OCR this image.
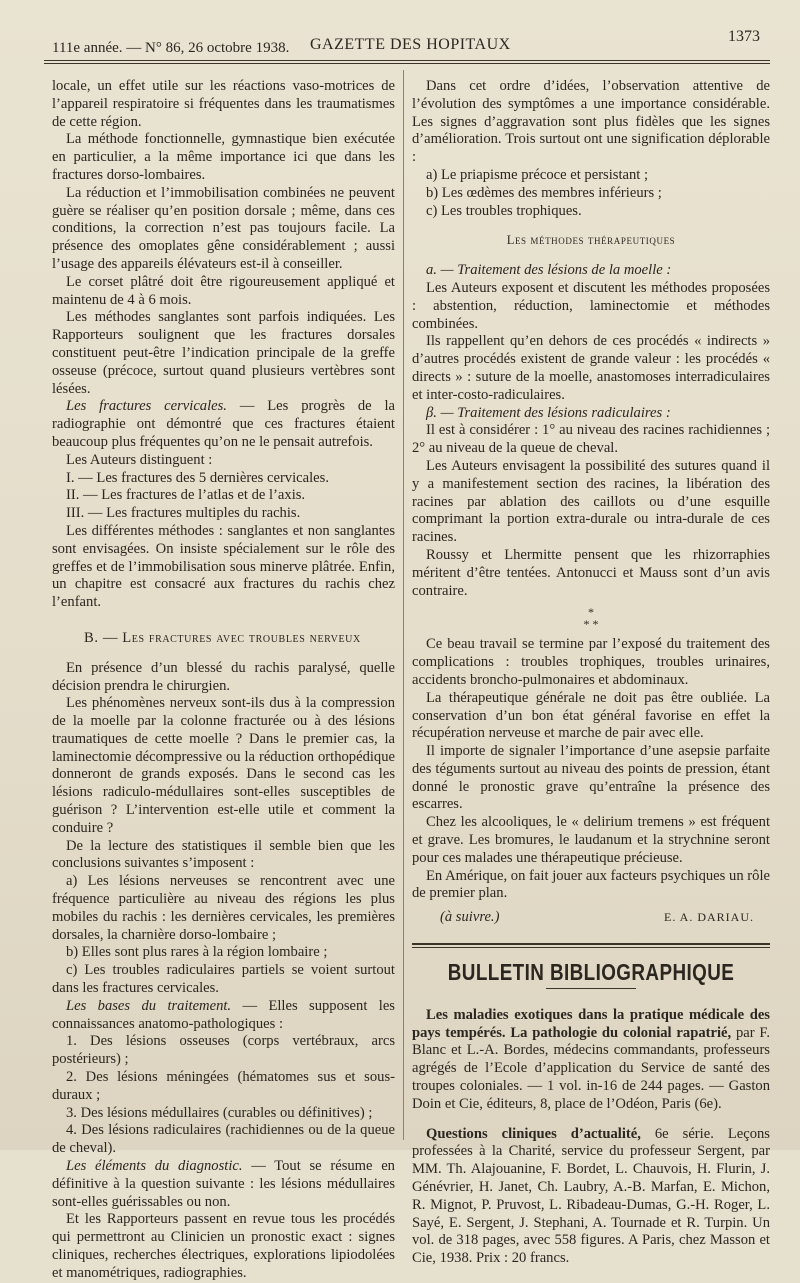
111e année. — N° 86, 26 octobre 1938. GAZETTE DES HOPITAUX	1373

locale, un effet utile sur les réactions vaso-motrices de l’appareil respiratoire si fréquentes dans les traumatismes de cette région.

La méthode fonctionnelle, gymnastique bien exécutée en particulier, a la même importance ici que dans les fractures dorso-lombaires.

La réduction et l’immobilisation combinées ne peuvent guère se réaliser qu’en position dorsale ; même, dans ces conditions, la correction n’est pas toujours facile. La présence des omoplates gêne considérablement ; aussi l’usage des appareils élévateurs est-il à conseiller.

Le corset plâtré doit être rigoureusement appliqué et maintenu de 4 à 6 mois.

Les méthodes sanglantes sont parfois indiquées. Les Rapporteurs soulignent que les fractures dorsales constituent peut-être l’indication principale de la greffe osseuse (précoce, surtout quand plusieurs vertèbres sont lésées.

Les fractures cervicales. — Les progrès de la radiographie ont démontré que ces fractures étaient beaucoup plus fréquentes qu’on ne le pensait autrefois.

Les Auteurs distinguent :

I. — Les fractures des 5 dernières cervicales.

II. — Les fractures de l’atlas et de l’axis.

III. — Les fractures multiples du rachis.

Les différentes méthodes : sanglantes et non sanglantes sont envisagées. On insiste spécialement sur le rôle des greffes et de l’immobilisation sous minerve plâtrée. Enfin, un chapitre est consacré aux fractures du rachis chez l’enfant.

B. — Les fractures avec troubles nerveux

En présence d’un blessé du rachis paralysé, quelle décision prendra le chirurgien.

Les phénomènes nerveux sont-ils dus à la compression de la moelle par la colonne fracturée ou à des lésions traumatiques de cette moelle ? Dans le premier cas, la laminectomie décompressive ou la réduction orthopédique donneront de grands exposés. Dans le second cas les lésions radiculo-médullaires sont-elles susceptibles de guérison ? L’intervention est-elle utile et comment la conduire ?

De la lecture des statistiques il semble bien que les conclusions suivantes s’imposent :

a) Les lésions nerveuses se rencontrent avec une fréquence particulière au niveau des régions les plus mobiles du rachis : les dernières cervicales, les premières dorsales, la charnière dorso-lombaire ;

b) Elles sont plus rares à la région lombaire ;

c) Les troubles radiculaires partiels se voient surtout dans les fractures cervicales.

Les bases du traitement. — Elles supposent les connaissances anatomo-pathologiques :

1. Des lésions osseuses (corps vertébraux, arcs postérieurs) ;

2. Des lésions méningées (hématomes sus et sous-duraux ;

3. Des lésions médullaires (curables ou définitives) ;

4. Des lésions radiculaires (rachidiennes ou de la queue de cheval).

Les éléments du diagnostic. — Tout se résume en définitive à la question suivante : les lésions médullaires sont-elles guérissables ou non.

Et les Rapporteurs passent en revue tous les procédés qui permettront au Clinicien un pronostic exact : signes cliniques, recherches électriques, explorations lipiodolées et manométriques, radiographies.

Dans cet ordre d’idées, l’observation attentive de l’évolution des symptômes a une importance considérable. Les signes d’aggravation sont plus fidèles que les signes d’amélioration. Trois surtout ont une signification déplorable :

a) Le priapisme précoce et persistant ;

b) Les œdèmes des membres inférieurs ;

c) Les troubles trophiques.

Les méthodes thérapeutiques

a. — Traitement des lésions de la moelle :

Les Auteurs exposent et discutent les méthodes proposées : abstention, réduction, laminectomie et méthodes combinées.

Ils rappellent qu’en dehors de ces procédés « indirects » d’autres procédés existent de grande valeur : les procédés « directs » : suture de la moelle, anastomoses interradiculaires et inter-costo-radiculaires.

β. — Traitement des lésions radiculaires :

Il est à considérer : 1° au niveau des racines rachidiennes ; 2° au niveau de la queue de cheval.

Les Auteurs envisagent la possibilité des sutures quand il y a manifestement section des racines, la libération des racines par ablation des caillots ou d’une esquille comprimant la portion extra-durale ou intra-durale de ces racines.

Roussy et Lhermitte pensent que les rhizorraphies méritent d’être tentées. Antonucci et Mauss sont d’un avis contraire.

*
* *

Ce beau travail se termine par l’exposé du traitement des complications : troubles trophiques, troubles urinaires, accidents broncho-pulmonaires et abdominaux.

La thérapeutique générale ne doit pas être oubliée. La conservation d’un bon état général favorise en effet la récupération nerveuse et marche de pair avec elle.

Il importe de signaler l’importance d’une asepsie parfaite des téguments surtout au niveau des points de pression, étant donné le pronostic grave qu’entraîne la présence des escarres.

Chez les alcooliques, le « delirium tremens » est fréquent et grave. Les bromures, le laudanum et la strychnine seront pour ces malades une thérapeutique précieuse.

En Amérique, on fait jouer aux facteurs psychiques un rôle de premier plan.

(à suivre.)	E. A. DARIAU.

BULLETIN BIBLIOGRAPHIQUE

Les maladies exotiques dans la pratique médicale des pays tempérés. La pathologie du colonial rapatrié, par F. Blanc et L.-A. Bordes, médecins commandants, professeurs agrégés de l’Ecole d’application du Service de santé des troupes coloniales. — 1 vol. in-16 de 244 pages. — Gaston Doin et Cie, éditeurs, 8, place de l’Odéon, Paris (6e).

Questions cliniques d’actualité, 6e série. Leçons professées à la Charité, service du professeur Sergent, par MM. Th. Alajouanine, F. Bordet, L. Chauvois, H. Flurin, J. Génévrier, H. Janet, Ch. Laubry, A.-B. Marfan, E. Michon, R. Mignot, P. Pruvost, L. Ribadeau-Dumas, G.-H. Roger, L. Sayé, E. Sergent, J. Stephani, A. Tournade et R. Turpin. Un vol. de 318 pages, avec 558 figures. A Paris, chez Masson et Cie, 1938. Prix : 20 francs.
